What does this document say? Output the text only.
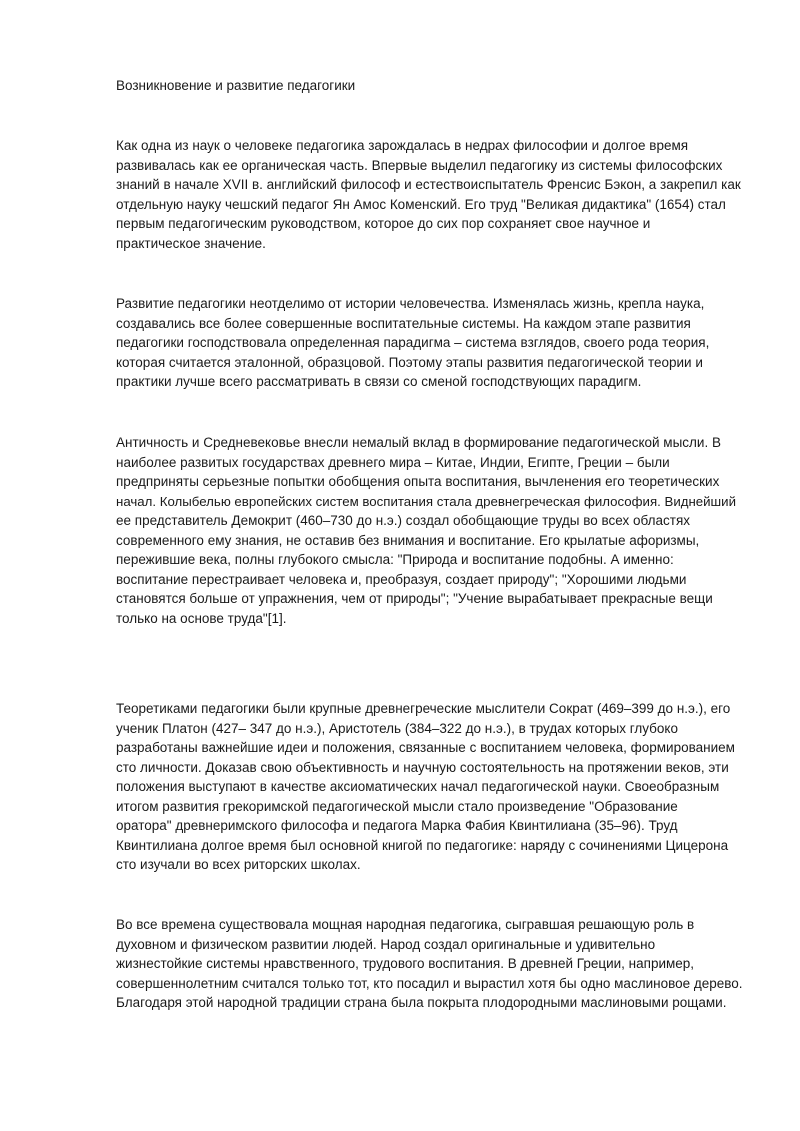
Возникновение и развитие педагогики
Как одна из наук о человеке педагогика зарождалась в недрах философии и долгое время
развивалась как ее органическая часть. Впервые выделил педагогику из системы философских
знаний в начале XVII в. английский философ и естествоиспытатель Френсис Бэкон, а закрепил как
отдельную науку чешский педагог Ян Амос Коменский. Его труд "Великая дидактика" (1654) стал
первым педагогическим руководством, которое до сих пор сохраняет свое научное и
практическое значение.
Развитие педагогики неотделимо от истории человечества. Изменялась жизнь, крепла наука,
создавались все более совершенные воспитательные системы. На каждом этапе развития
педагогики господствовала определенная парадигма – система взглядов, своего рода теория,
которая считается эталонной, образцовой. Поэтому этапы развития педагогической теории и
практики лучше всего рассматривать в связи со сменой господствующих парадигм.
Античность и Средневековье внесли немалый вклад в формирование педагогической мысли. В
наиболее развитых государствах древнего мира – Китае, Индии, Египте, Греции – были
предприняты серьезные попытки обобщения опыта воспитания, вычленения его теоретических
начал. Колыбелью европейских систем воспитания стала древнегреческая философия. Виднейший
ее представитель Демокрит (460–730 до н.э.) создал обобщающие труды во всех областях
современного ему знания, не оставив без внимания и воспитание. Его крылатые афоризмы,
пережившие века, полны глубокого смысла: "Природа и воспитание подобны. А именно:
воспитание перестраивает человека и, преобразуя, создает природу"; "Хорошими людьми
становятся больше от упражнения, чем от природы"; "Учение вырабатывает прекрасные вещи
только на основе труда"[1].
Теоретиками педагогики были крупные древнегреческие мыслители Сократ (469–399 до н.э.), его
ученик Платон (427– 347 до н.э.), Аристотель (384–322 до н.э.), в трудах которых глубоко
разработаны важнейшие идеи и положения, связанные с воспитанием человека, формированием
сто личности. Доказав свою объективность и научную состоятельность на протяжении веков, эти
положения выступают в качестве аксиоматических начал педагогической науки. Своеобразным
итогом развития грекоримской педагогической мысли стало произведение "Образование
оратора" древнеримского философа и педагога Марка Фабия Квинтилиана (35–96). Труд
Квинтилиана долгое время был основной книгой по педагогике: наряду с сочинениями Цицерона
сто изучали во всех риторских школах.
Во все времена существовала мощная народная педагогика, сыгравшая решающую роль в
духовном и физическом развитии людей. Народ создал оригинальные и удивительно
жизнестойкие системы нравственного, трудового воспитания. В древней Греции, например,
совершеннолетним считался только тот, кто посадил и вырастил хотя бы одно маслиновое дерево.
Благодаря этой народной традиции страна была покрыта плодородными маслиновыми рощами.
